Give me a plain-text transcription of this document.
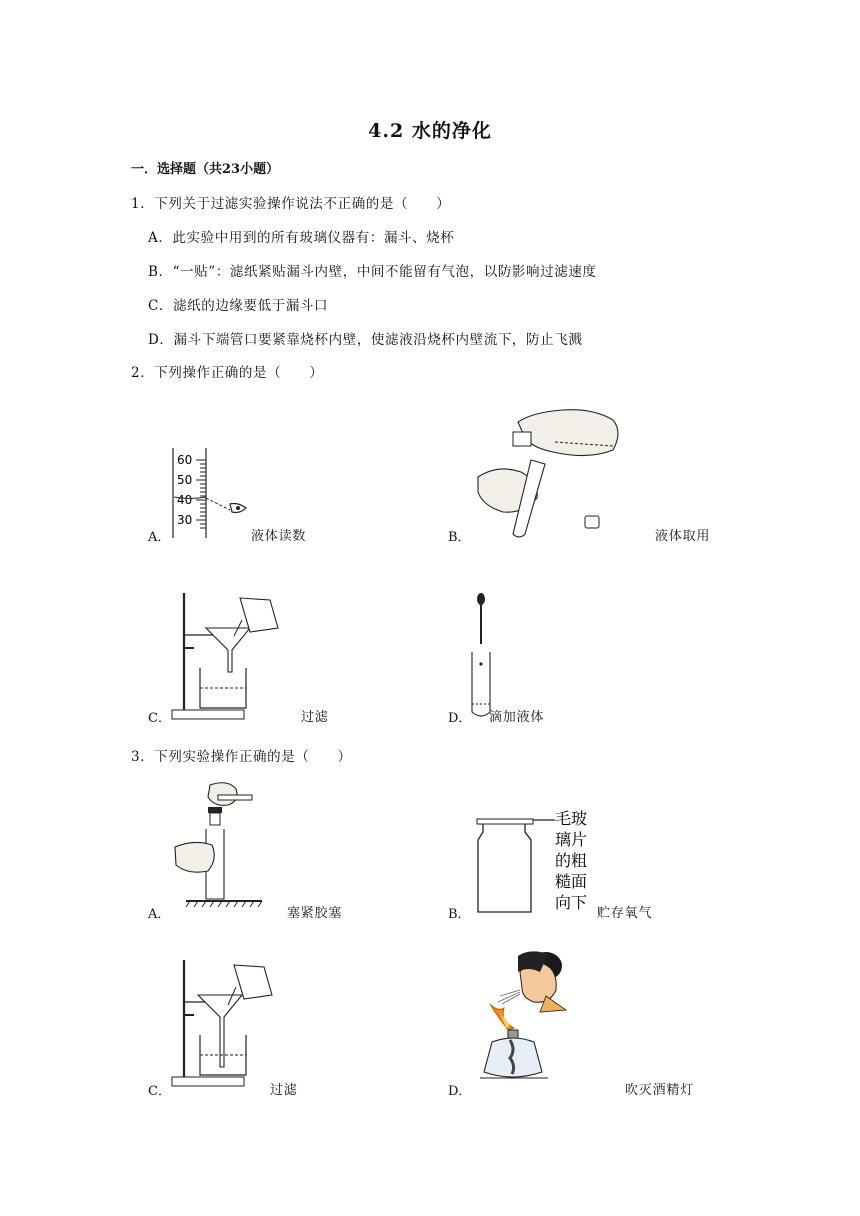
4.2 水的净化
一．选择题（共23小题）
1．下列关于过滤实验操作说法不正确的是（　　）
A．此实验中用到的所有玻璃仪器有：漏斗、烧杯
B．“一贴”：滤纸紧贴漏斗内壁，中间不能留有气泡，以防影响过滤速度
C．滤纸的边缘要低于漏斗口
D．漏斗下端管口要紧靠烧杯内壁，使滤液沿烧杯内壁流下，防止飞溅
2．下列操作正确的是（　　）
60
50
40
30
A．	液体读数	B．	液体取用
C．	过滤	D． 滴加液体
3．下列实验操作正确的是（　　）
A．	塞紧胶塞
毛玻
璃片
的粗
糙面
向下
B．	贮存氧气
C．	过滤	D．	吹灭酒精灯
